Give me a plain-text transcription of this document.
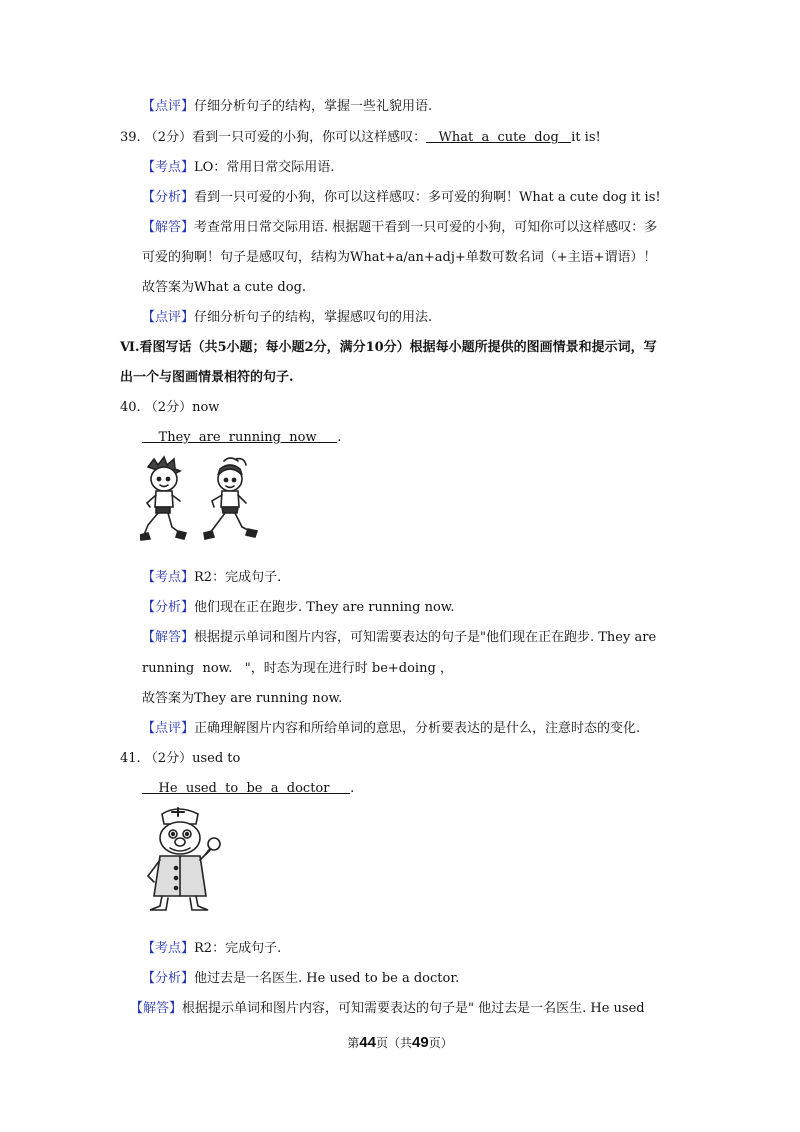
【点评】仔细分析句子的结构，掌握一些礼貌用语.
39. （2分）看到一只可爱的小狗，你可以这样感叹：   What  a  cute  dog   it is!
【考点】LO：常用日常交际用语.
【分析】看到一只可爱的小狗，你可以这样感叹：多可爱的狗啊！What a cute dog it is!
【解答】考查常用日常交际用语. 根据题干看到一只可爱的小狗，可知你可以这样感叹：多
可爱的狗啊！句子是感叹句，结构为What+a/an+adj+单数可数名词（+主语+谓语）！
故答案为What a cute dog.
【点评】仔细分析句子的结构，掌握感叹句的用法.
Ⅵ.看图写话（共5小题；每小题2分，满分10分）根据每小题所提供的图画情景和提示词，写
出一个与图画情景相符的句子.
40. （2分）now
They  are  running  now     .
【考点】R2：完成句子.
【分析】他们现在正在跑步. They are running now.
【解答】根据提示单词和图片内容，可知需要表达的句子是"他们现在正在跑步. They are
running  now.   "，时态为现在进行时 be+doing ，
故答案为They are running now.
【点评】正确理解图片内容和所给单词的意思，分析要表达的是什么，注意时态的变化.
41. （2分）used to
He  used  to  be  a  doctor     .
【考点】R2：完成句子.
【分析】他过去是一名医生. He used to be a doctor.
【解答】根据提示单词和图片内容，可知需要表达的句子是" 他过去是一名医生. He used
第44页（共49页）
